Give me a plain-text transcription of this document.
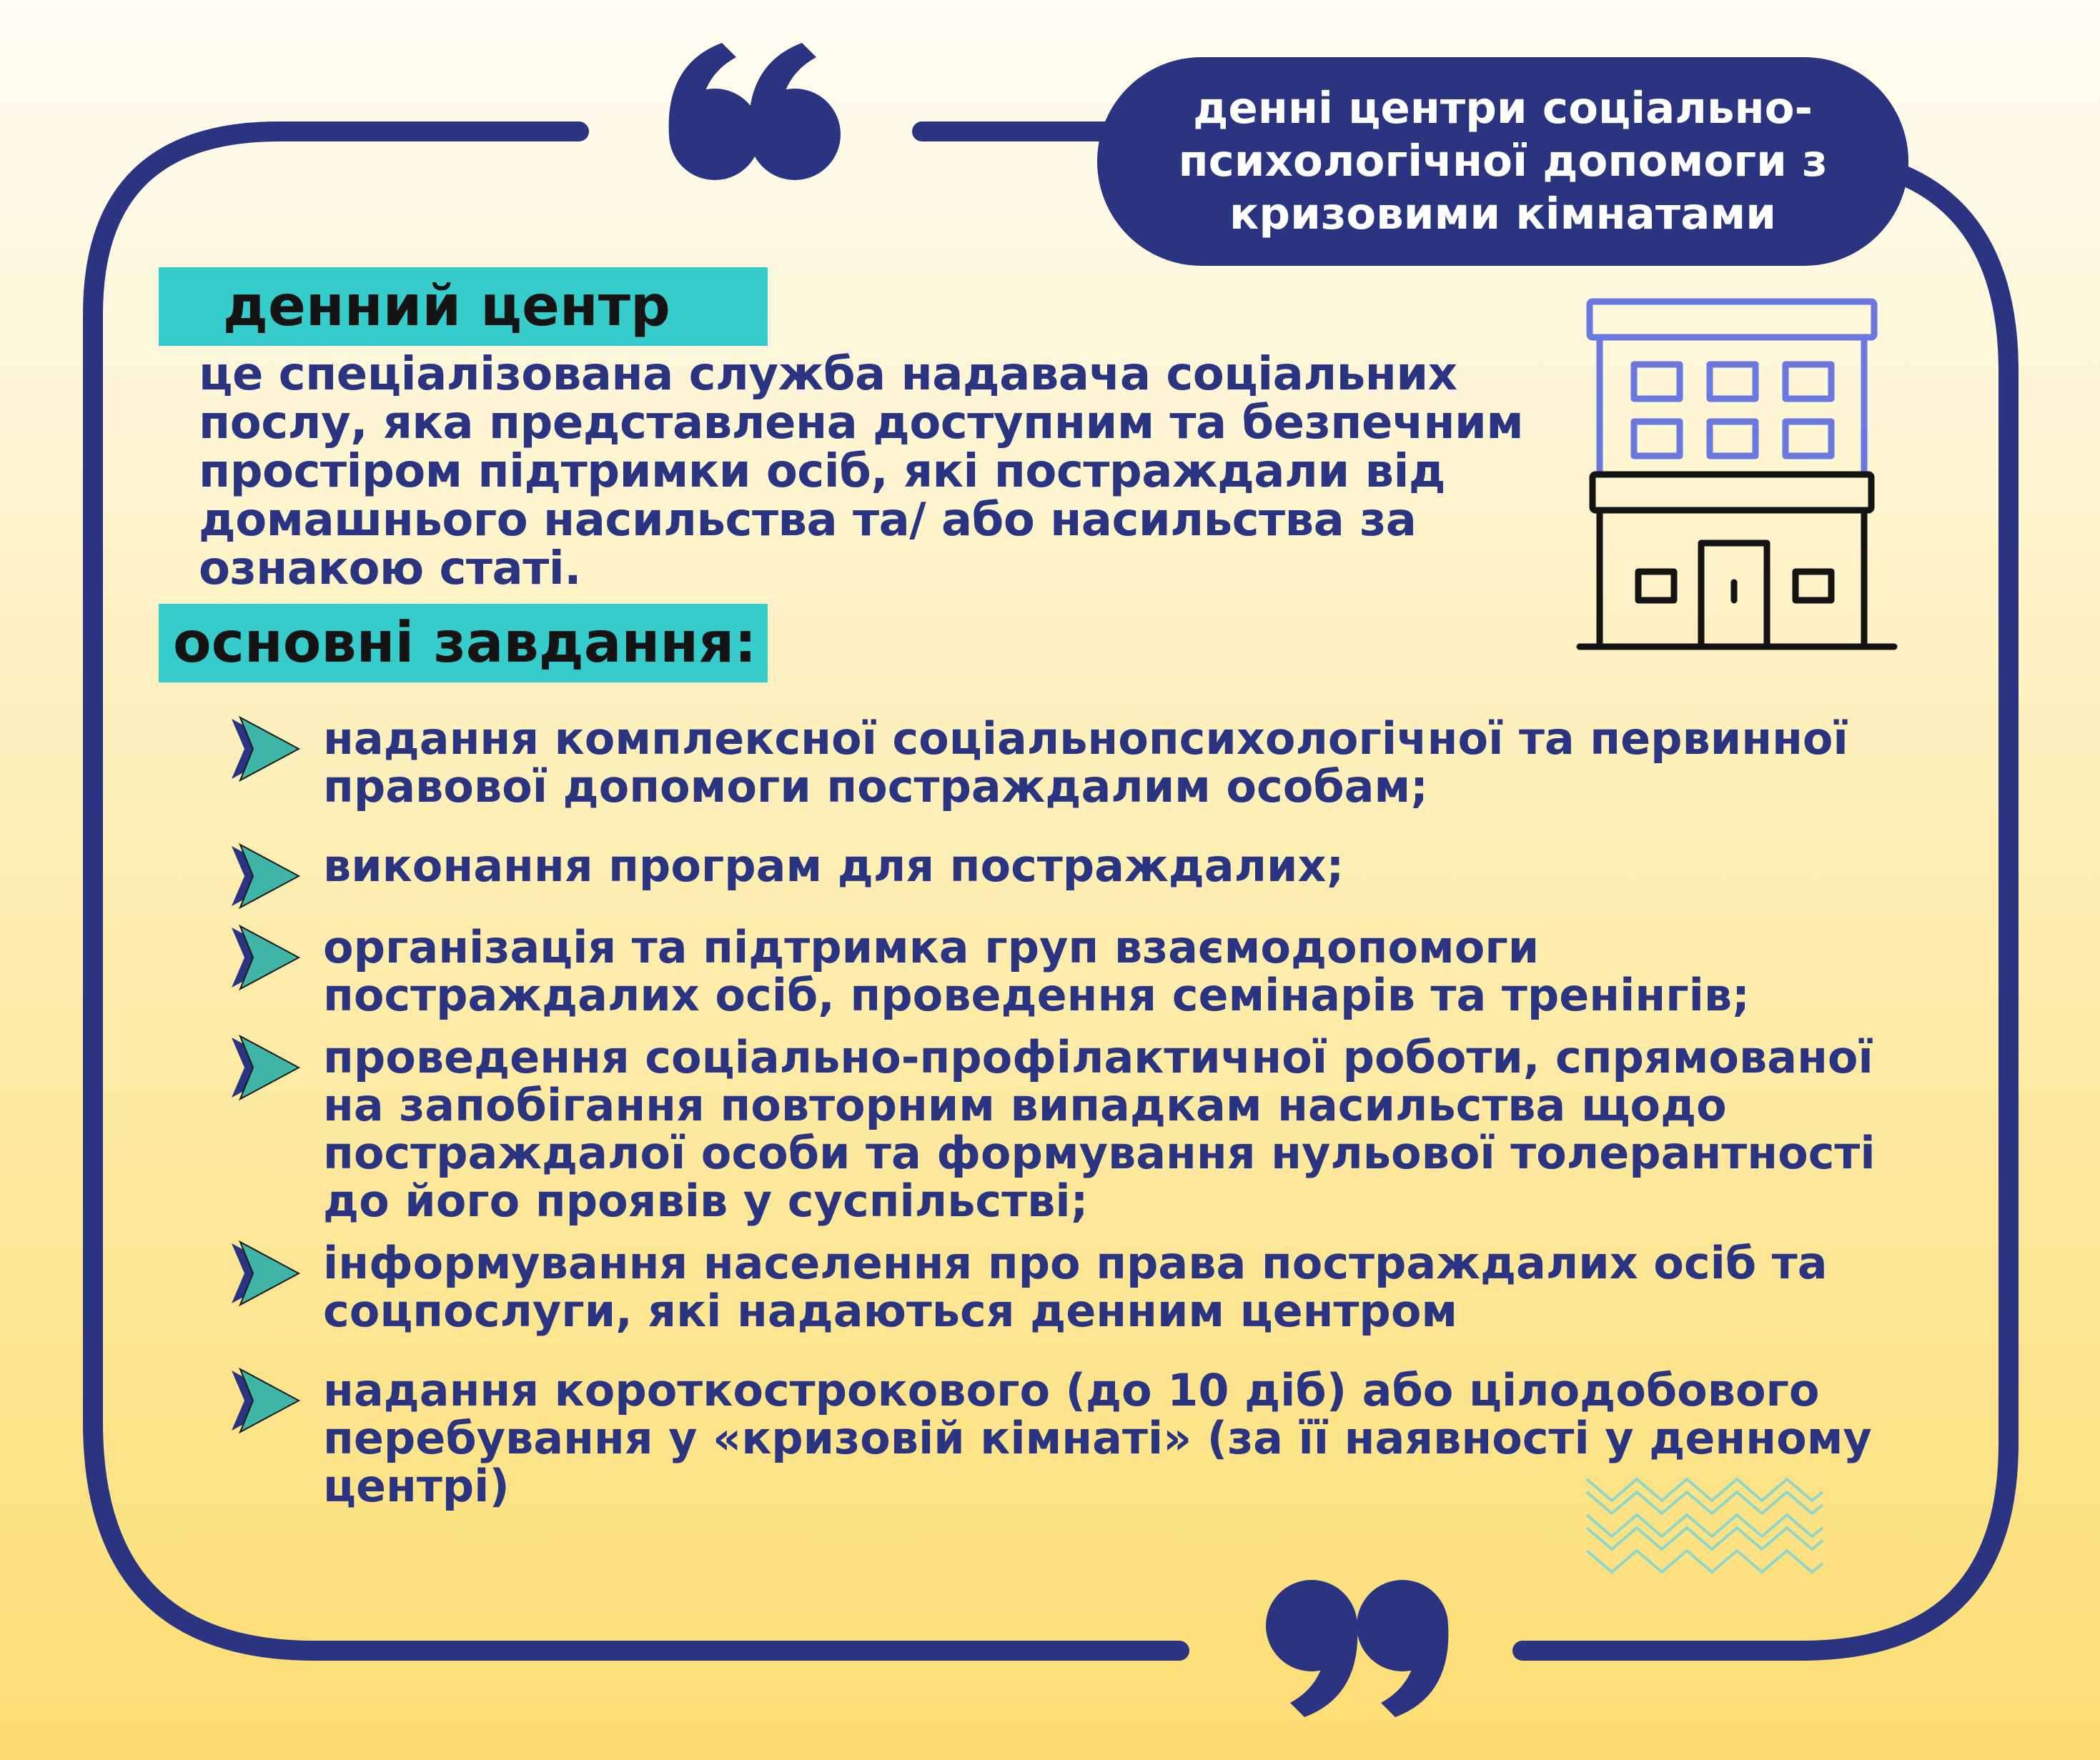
денні центри соціально-психологічної допомоги з кризовими кімнатами
денний центр
це спеціалізована служба надавача соціальних послу, яка представлена доступним та безпечним простіром підтримки осіб, які постраждали від домашнього насильства та/ або насильства за ознакою статі.
основні завдання:
надання комплексної соціальнопсихологічної та первинної правової допомоги постраждалим особам;
виконання програм для постраждалих;
організація та підтримка груп взаємодопомоги постраждалих осіб, проведення семінарів та тренінгів;
проведення соціально-профілактичної роботи, спрямованої на запобігання повторним випадкам насильства щодо постраждалої особи та формування нульової толерантності до його проявів у суспільстві;
інформування населення про права постраждалих осіб та соцпослуги, які надаються денним центром
надання короткострокового (до 10 діб) або цілодобового перебування у «кризовій кімнаті» (за її наявності у денному центрі)
